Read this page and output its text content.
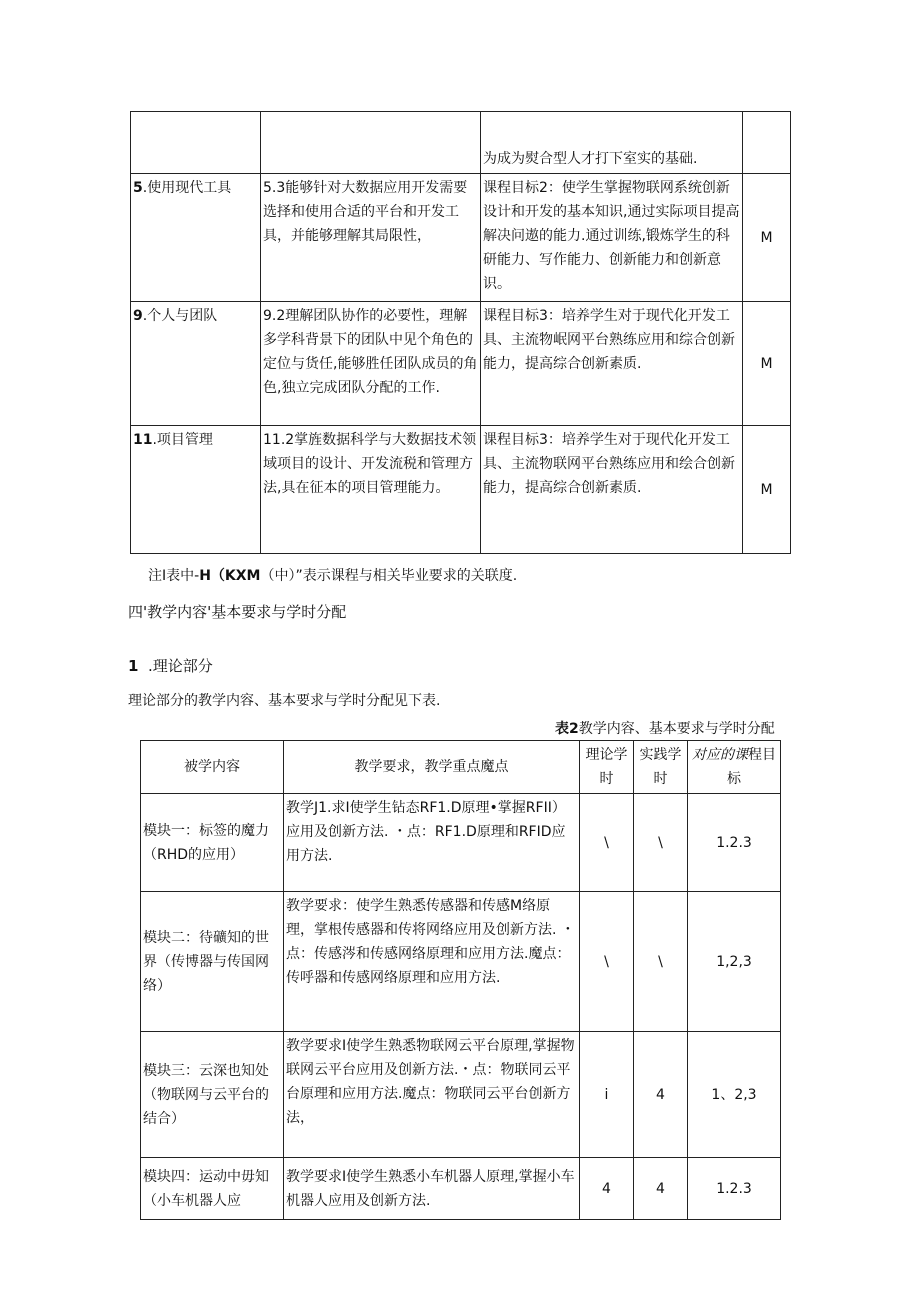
		为成为熨合型人才打下室实的基础.	
5.使用现代工具	5.3能够针对大数据应用开发需要选择和使用合适的平台和开发工具，并能够理解其局限性，	课程目标2：使学生掌握物联网系统创新设计和开发的基本知识,通过实际项目提高解决问遨的能力.通过训练,锻炼学生的科研能力、写作能力、创新能力和创新意识。	M
9.个人与团队	9.2理解团队协作的必要性，理解多学科背景下的团队中见个角色的定位与货任,能够胜任团队成员的角色,独立完成团队分配的工作.	课程目标3：培养学生对于现代化开发工具、主流物岷网平台熟练应用和综合创新能力，提高综合创新素质.	M
11.项目管理	11.2掌旌数据科学与大数据技术领域项目的设计、开发流税和管理方法,具在征本的项目管理能力。	课程目标3：培养学生对于现代化开发工具、主流物联网平台熟练应用和绘合创新能力，提高综合创新素质.	M
注I表中-H（KXM（中）”表示课程与相关毕业要求的关联度.
四'教学内容'基本要求与学时分配
1 .理论部分
理论部分的教学内容、基本要求与学时分配见下表.
表2教学内容、基本要求与学时分配
被学内容	教学要求，教学重点魔点	理论学时	实践学时	对应的课程目标
模块一：标签的魔力（RHD的应用）	教学J1.求I使学生钻态RF1.D原理•掌握RFII）应用及创新方法. ・点：RF1.D原理和RFID应用方法.	\	\	1.2.3
模块二：待礦知的世界（传博器与传国网络）	教学要求：使学生熟悉传感器和传感M络原理，掌根传感器和传将网络应用及创新方法. ・点：传感涔和传感网络原理和应用方法.魔点：传呼器和传感网络原理和应用方法.	\	\	1,2,3
模块三：云深也知处（物联网与云平台的结合）	教学要求I使学生熟悉物联网云平台原理,掌握物联网云平台应用及创新方法.・点：物联同云平台原理和应用方法.魔点：物联同云平台创新方法，	i	4	1、2,3
模块四：运动中毋知（小车机器人应	教学要求I使学生熟悉小车机器人原理,掌握小车机器人应用及创新方法.	4	4	1.2.3
